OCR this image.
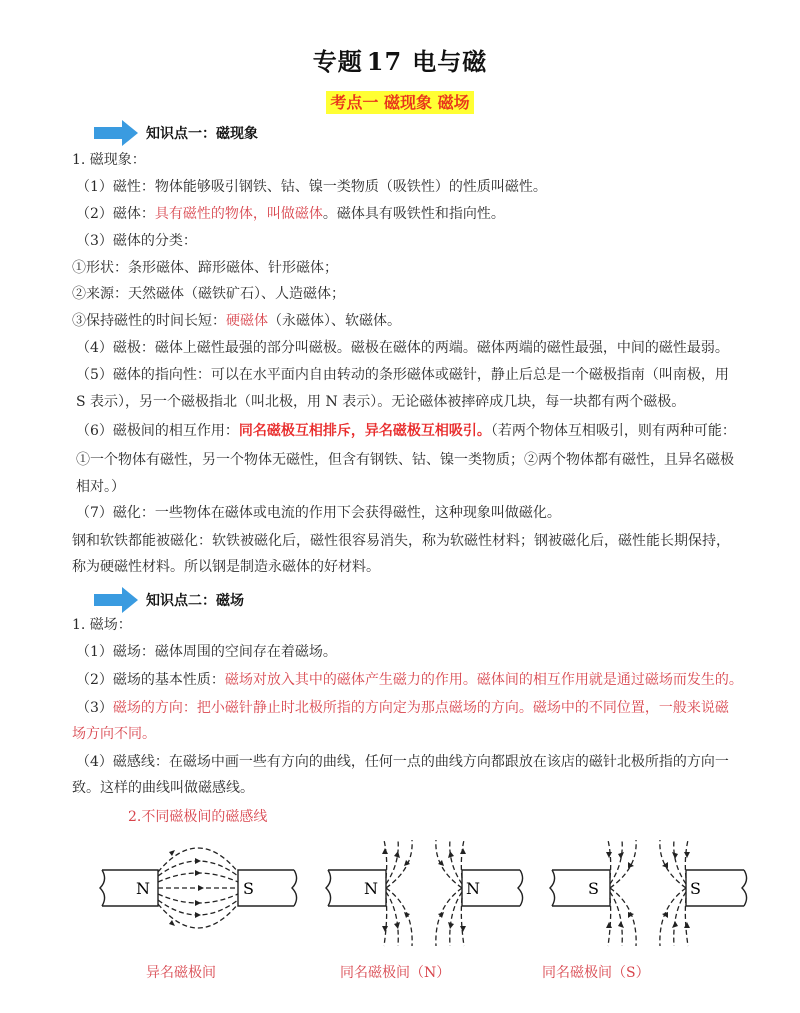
专题 17 电与磁
考点一 磁现象 磁场
知识点一：磁现象
1. 磁现象：
（1）磁性：物体能够吸引钢铁、钴、镍一类物质（吸铁性）的性质叫磁性。
（2）磁体：具有磁性的物体，叫做磁体。磁体具有吸铁性和指向性。
（3）磁体的分类：
①形状：条形磁体、蹄形磁体、针形磁体；
②来源：天然磁体（磁铁矿石）、人造磁体；
③保持磁性的时间长短：硬磁体（永磁体）、软磁体。
（4）磁极：磁体上磁性最强的部分叫磁极。磁极在磁体的两端。磁体两端的磁性最强，中间的磁性最弱。
（5）磁体的指向性：可以在水平面内自由转动的条形磁体或磁针，静止后总是一个磁极指南（叫南极，用
S 表示），另一个磁极指北（叫北极，用 N 表示）。无论磁体被摔碎成几块，每一块都有两个磁极。
（6）磁极间的相互作用：同名磁极互相排斥，异名磁极互相吸引。（若两个物体互相吸引，则有两种可能：
①一个物体有磁性，另一个物体无磁性，但含有钢铁、钴、镍一类物质；②两个物体都有磁性，且异名磁极
相对。）
（7）磁化：一些物体在磁体或电流的作用下会获得磁性，这种现象叫做磁化。
钢和软铁都能被磁化：软铁被磁化后，磁性很容易消失，称为软磁性材料；钢被磁化后，磁性能长期保持，
称为硬磁性材料。所以钢是制造永磁体的好材料。
知识点二：磁场
1. 磁场：
（1）磁场：磁体周围的空间存在着磁场。
（2）磁场的基本性质：磁场对放入其中的磁体产生磁力的作用。磁体间的相互作用就是通过磁场而发生的。
（3）磁场的方向：把小磁针静止时北极所指的方向定为那点磁场的方向。磁场中的不同位置，一般来说磁
场方向不同。
（4）磁感线：在磁场中画一些有方向的曲线，任何一点的曲线方向都跟放在该店的磁针北极所指的方向一
致。这样的曲线叫做磁感线。
2.不同磁极间的磁感线
N	S	N	N	S	S
异名磁极间	同名磁极间（N）	同名磁极间（S）
